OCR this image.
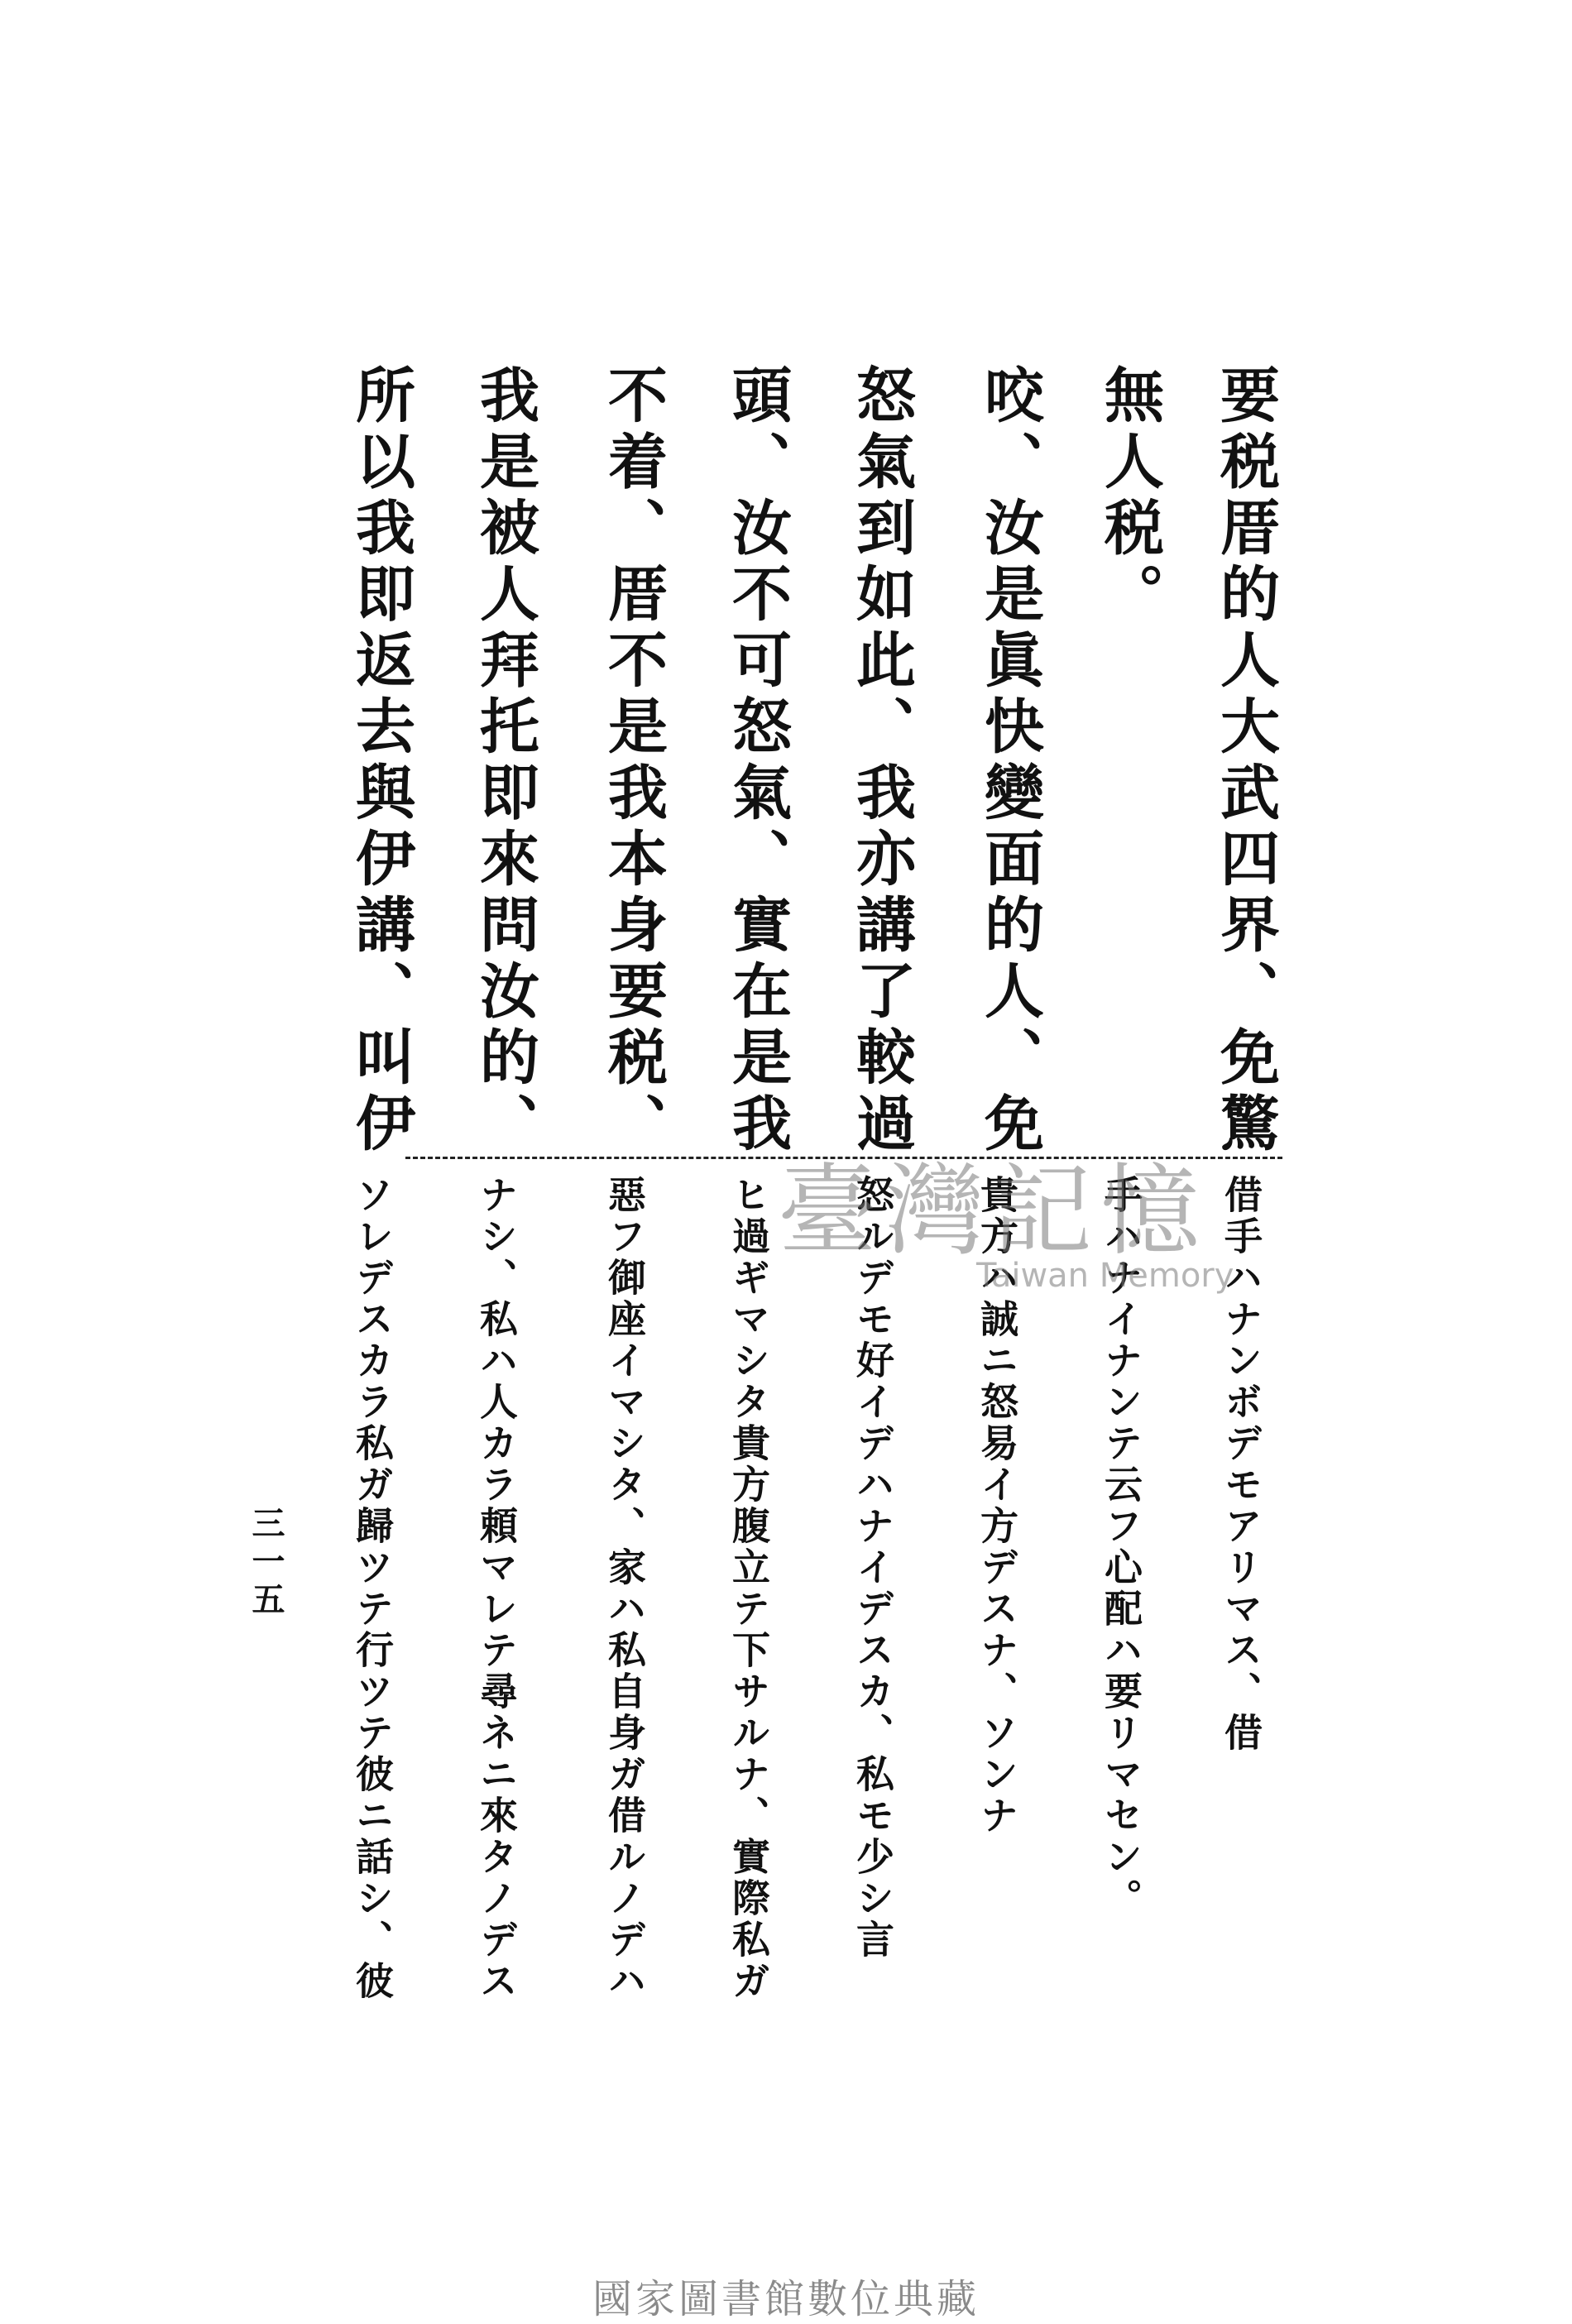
要税厝的人大武四界、免驚
無人税。
咬、汝是眞快變面的人、免
怒氣到如此、我亦講了較過
頭、汝不可怒氣、實在是我
不着、厝不是我本身要税、
我是被人拜托即來問汝的、
所以我即返去與伊講、叫伊
借手ハナンボデモアリマス、借
手ハナイナンテ云フ心配ハ要リマセン。
貴方ハ誠ニ怒易イ方デスナ、ソンナ
怒ルデモ好イデハナイデスカ、私モ少シ言
ヒ過ギマシタ貴方腹立テ下サルナ、實際私ガ
惡フ御座イマシタ、家ハ私自身ガ借ルノデハ
ナシ、私ハ人カラ頼マレテ尋ネニ來タノデス
ソレデスカラ私ガ歸ツテ行ツテ彼ニ話シ、彼
三一五
臺灣記憶
Taiwan Memory
國家圖書館數位典藏
